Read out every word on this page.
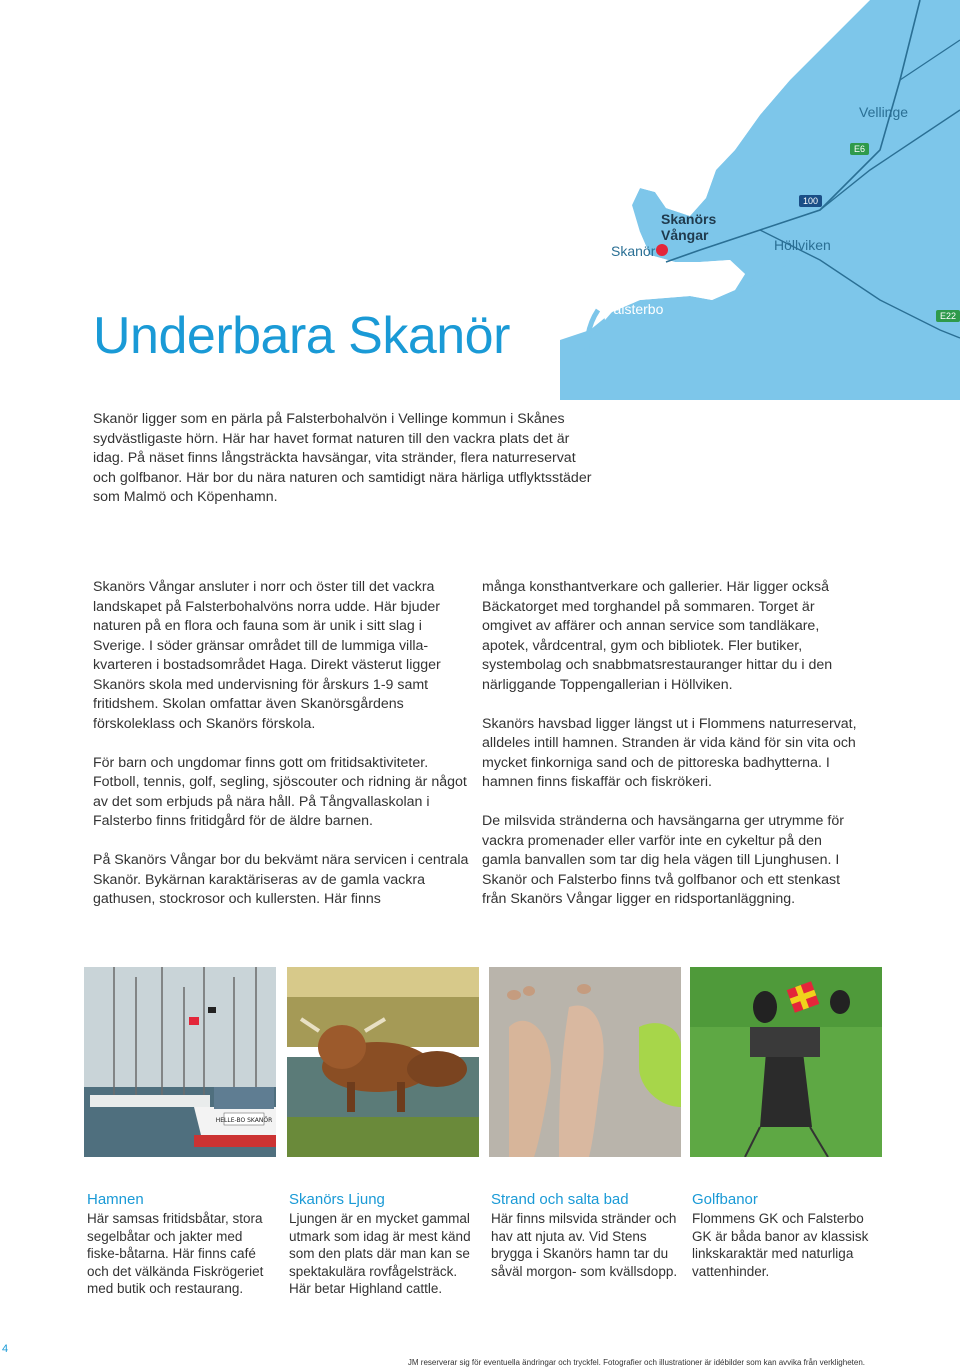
Vellinge
E6
100
Skanörs
Vångar
Skanör	Höllviken
Falsterbo	E22
Underbara Skanör
Skanör ligger som en pärla på Falsterbohalvön i Vellinge kommun i Skånes sydvästligaste hörn. Här har havet format naturen till den vackra plats det är idag. På näset finns långsträckta havsängar, vita stränder, flera naturreservat och golfbanor. Här bor du nära naturen och samtidigt nära härliga utflyktsstäder som Malmö och Köpenhamn.

Skanörs Vångar ansluter i norr och öster till det vackra landskapet på Falsterbohalvöns norra udde. Här bjuder naturen på en flora och fauna som är unik i sitt slag i Sverige. I söder gränsar området till de lummiga villa-kvarteren i bostadsområdet Haga. Direkt västerut ligger Skanörs skola med undervisning för årskurs 1-9 samt fritidshem. Skolan omfattar även Skanörsgårdens förskoleklass och Skanörs förskola.

För barn och ungdomar finns gott om fritidsaktiviteter. Fotboll, tennis, golf, segling, sjöscouter och ridning är något av det som erbjuds på nära håll. På Tångvallaskolan i Falsterbo finns fritidgård för de äldre barnen.

På Skanörs Vångar bor du bekvämt nära servicen i centrala Skanör. Bykärnan karaktäriseras av de gamla vackra gathusen, stockrosor och kullersten. Här finns

många konsthantverkare och gallerier. Här ligger också Bäckatorget med torghandel på sommaren. Torget är omgivet av affärer och annan service som tandläkare, apotek, vårdcentral, gym och bibliotek. Fler butiker, systembolag och snabbmatsrestauranger hittar du i den närliggande Toppengallerian i Höllviken.

Skanörs havsbad ligger längst ut i Flommens naturreservat, alldeles intill hamnen. Stranden är vida känd för sin vita och mycket finkorniga sand och de pittoreska badhytterna. I hamnen finns fiskaffär och fiskrökeri.

De milsvida stränderna och havsängarna ger utrymme för vackra promenader eller varför inte en cykeltur på den gamla banvallen som tar dig hela vägen till Ljunghusen. I Skanör och Falsterbo finns två golfbanor och ett stenkast från Skanörs Vångar ligger en ridsportanläggning.

HELLE-BO SKANÖR
Hamnen
Här samsas fritidsbåtar, stora segelbåtar och jakter med fiske-båtarna. Här finns café och det välkända Fiskrögeriet med butik och restaurang.
Skanörs Ljung
Ljungen är en mycket gammal utmark som idag är mest känd som den plats där man kan se spektakulära rovfågelsträck. Här betar Highland cattle.
Strand och salta bad
Här finns milsvida stränder och hav att njuta av. Vid Stens brygga i Skanörs hamn tar du såväl morgon- som kvällsdopp.
Golfbanor
Flommens GK och Falsterbo GK är båda banor av klassisk linkskaraktär med naturliga vattenhinder.
4
JM reserverar sig för eventuella ändringar och tryckfel. Fotografier och illustrationer är idébilder som kan avvika från verkligheten.
